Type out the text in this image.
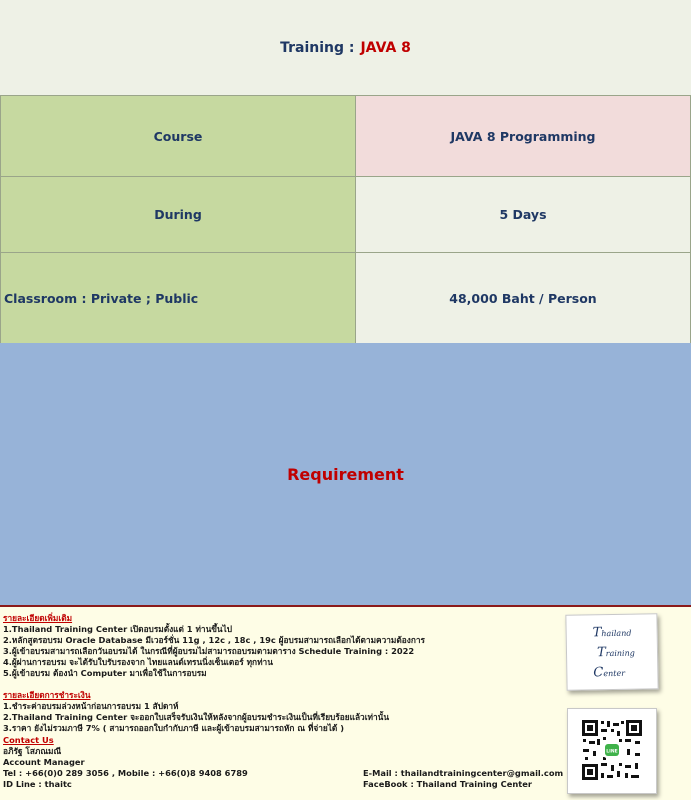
Training : JAVA 8
Course	JAVA 8 Programming
During	5 Days
Classroom : Private ; Public	48,000 Baht / Person
Requirement
รายละเอียดเพิ่มเติม
1.Thailand Training Center เปิดอบรมตั้งแต่ 1 ท่านขึ้นไป
2.หลักสูตรอบรม Oracle Database มีเวอร์ชั่น 11g , 12c , 18c , 19c ผู้อบรมสามารถเลือกได้ตามความต้องการ
3.ผู้เข้าอบรมสามารถเลือกวันอบรมได้ ในกรณีที่ผู้อบรมไม่สามารถอบรมตามตาราง Schedule Training : 2022
4.ผู้ผ่านการอบรม จะได้รับใบรับรองจาก ไทยแลนด์เทรนนิ่งเซ็นเตอร์ ทุกท่าน
5.ผู้เข้าอบรม ต้องนำ Computer มาเพื่อใช้ในการอบรม
รายละเอียดการชำระเงิน
1.ชำระค่าอบรมล่วงหน้าก่อนการอบรม 1 สัปดาห์
2.Thailand Training Center จะออกใบเสร็จรับเงินให้หลังจากผู้อบรมชำระเงินเป็นที่เรียบร้อยแล้วเท่านั้น
3.ราคา ยังไม่รวมภาษี 7% ( สามารถออกใบกำกับภาษี และผู้เข้าอบรมสามารถหัก ณ ที่จ่ายได้ )
Contact Us
อภิรัฐ โสภณมณี
Account Manager
Tel : +66(0)0 289 3056 , Mobile : +66(0)8 9408 6789
ID Line : thaitc
E-Mail : thailandtrainingcenter@gmail.com
FaceBook : Thailand Training Center
Thailand
Training
Center
LINE
